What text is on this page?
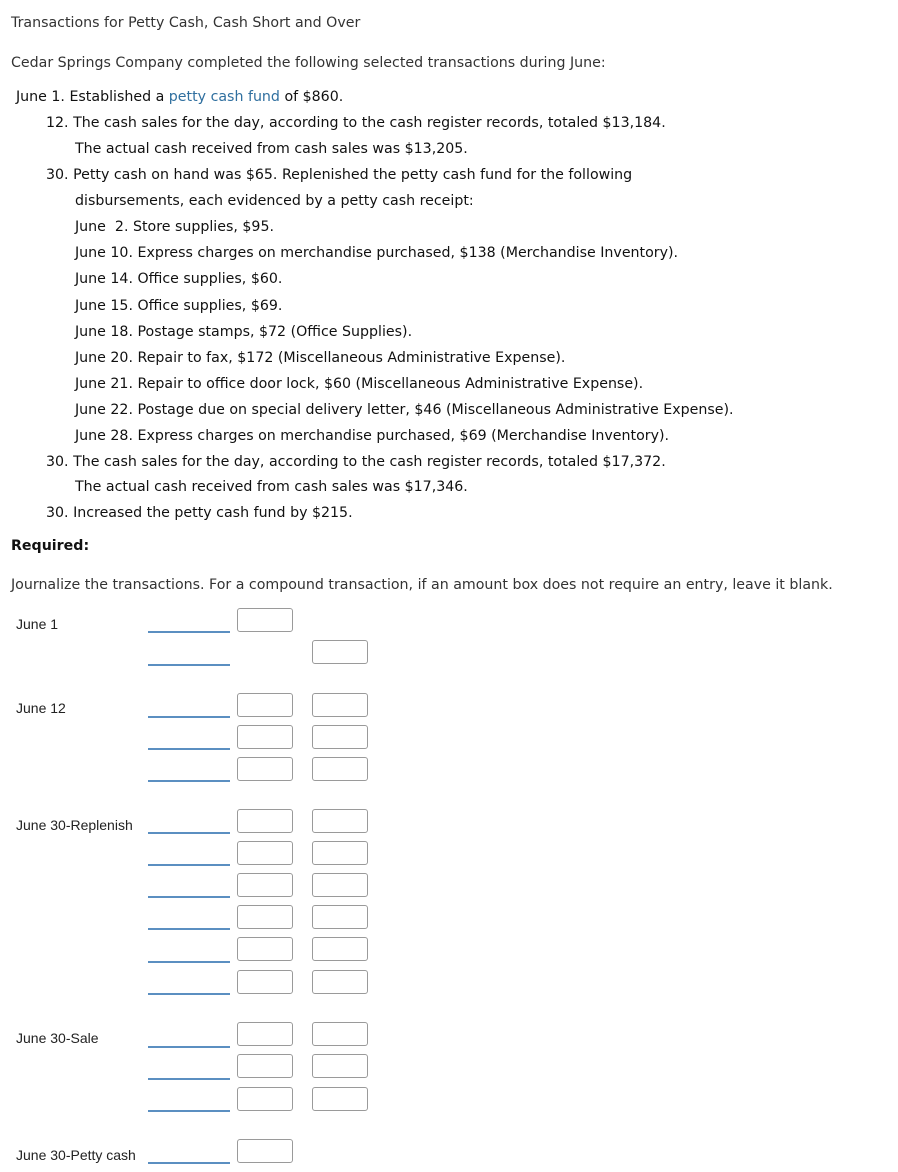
Transactions for Petty Cash, Cash Short and Over
Cedar Springs Company completed the following selected transactions during June:
June 1. Established a petty cash fund of $860.
12. The cash sales for the day, according to the cash register records, totaled $13,184.
The actual cash received from cash sales was $13,205.
30. Petty cash on hand was $65. Replenished the petty cash fund for the following
disbursements, each evidenced by a petty cash receipt:
June  2. Store supplies, $95.
June 10. Express charges on merchandise purchased, $138 (Merchandise Inventory).
June 14. Office supplies, $60.
June 15. Office supplies, $69.
June 18. Postage stamps, $72 (Office Supplies).
June 20. Repair to fax, $172 (Miscellaneous Administrative Expense).
June 21. Repair to office door lock, $60 (Miscellaneous Administrative Expense).
June 22. Postage due on special delivery letter, $46 (Miscellaneous Administrative Expense).
June 28. Express charges on merchandise purchased, $69 (Merchandise Inventory).
30. The cash sales for the day, according to the cash register records, totaled $17,372.
The actual cash received from cash sales was $17,346.
30. Increased the petty cash fund by $215.
Required:
Journalize the transactions. For a compound transaction, if an amount box does not require an entry, leave it blank.
June 1
June 12
June 30-Replenish
June 30-Sale
June 30-Petty cash
